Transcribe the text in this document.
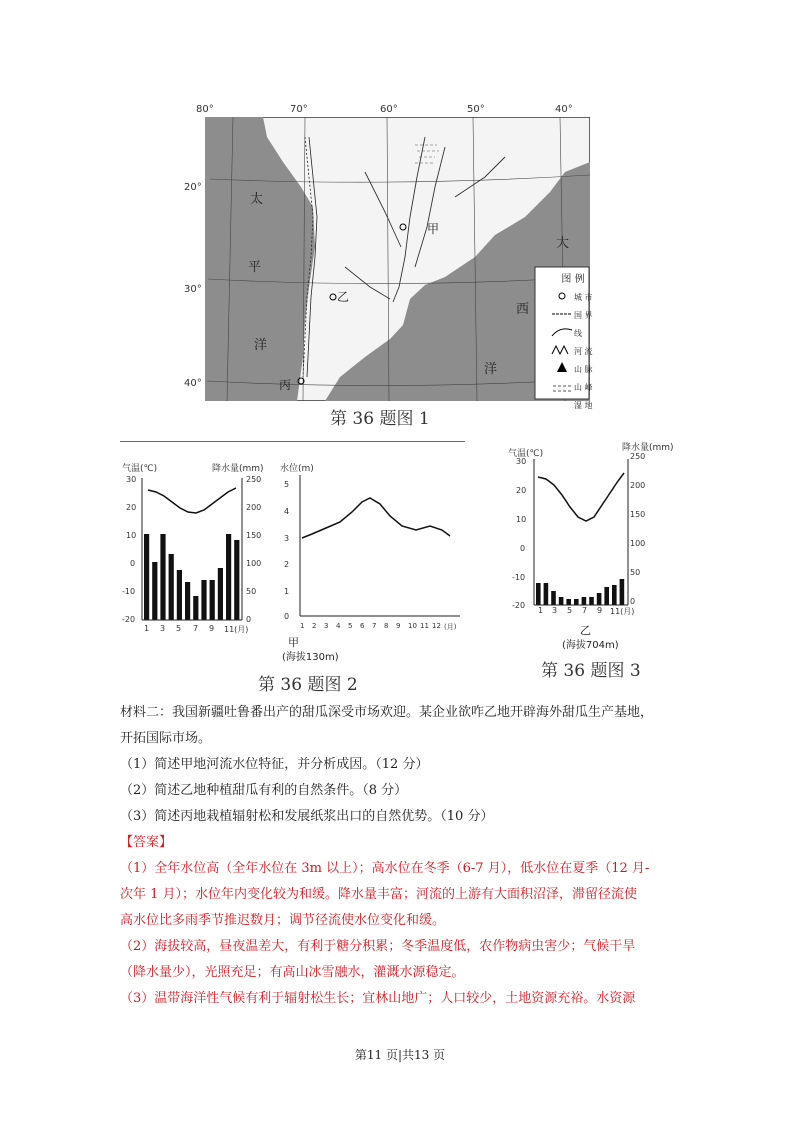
80°	70°	60°	50°	40°
20°
30°
40°
太
平
洋
大
西
洋
甲
乙
丙
图 例
城 市
国 界 线
河 流
山 脉
山 峰
湿 地
第 36 题图 1
气温(℃)	降水量(mm)
30
20
10
0
-10
-20
250
200
150
100
50
0
1 3 5 7 9 11(月)
水位(m)
5
4
3
2
1
0
1	2	3	4	5	6	7	8	9	10 11 12 (月)
甲
(海拔130m)
第 36 题图 2
气温(℃)
降水量(mm)
30
20
10
0
-10
-20
250
200
150
100
50
0
1 3 5 7 9 11(月)
乙
(海拔704m)
第 36 题图 3
材料二：我国新疆吐鲁番出产的甜瓜深受市场欢迎。某企业欲咋乙地开辟海外甜瓜生产基地，
开拓国际市场。
（1）简述甲地河流水位特征，并分析成因。（12 分）
（2）简述乙地种植甜瓜有利的自然条件。（8 分）
（3）简述丙地栽植辐射松和发展纸浆出口的自然优势。（10 分）
【答案】
（1）全年水位高（全年水位在 3m 以上）；高水位在冬季（6-7 月），低水位在夏季（12 月-
次年 1 月）；水位年内变化较为和缓。降水量丰富；河流的上游有大面积沼泽，滞留径流使
高水位比多雨季节推迟数月；调节径流使水位变化和缓。
（2）海拔较高，昼夜温差大，有利于糖分积累；冬季温度低，农作物病虫害少；气候干旱
（降水量少），光照充足；有高山冰雪融水，灌溉水源稳定。
（3）温带海洋性气候有利于辐射松生长；宜林山地广；人口较少，土地资源充裕。水资源
第11 页|共13 页
